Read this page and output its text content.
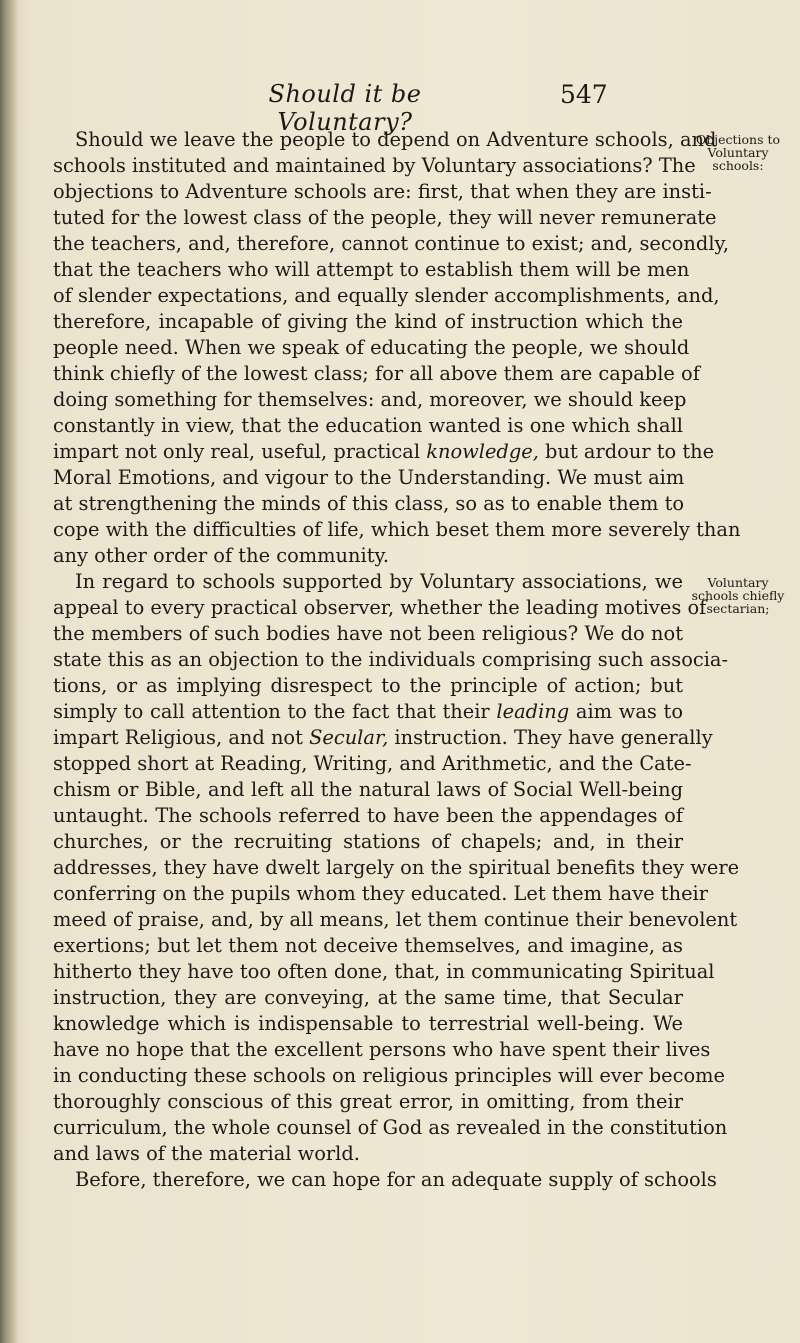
Should it be Voluntary?
547
Objections to
Voluntary
schools:
Voluntary
schools chiefly
sectarian;
Should we leave the people to depend on Adventure schools, and
schools instituted and maintained by Voluntary associations? The
objections to Adventure schools are: first, that when they are insti-
tuted for the lowest class of the people, they will never remunerate
the teachers, and, therefore, cannot continue to exist; and, secondly,
that the teachers who will attempt to establish them will be men
of slender expectations, and equally slender accomplishments, and,
therefore, incapable of giving the kind of instruction which the
people need. When we speak of educating the people, we should
think chiefly of the lowest class; for all above them are capable of
doing something for themselves: and, moreover, we should keep
constantly in view, that the education wanted is one which shall
impart not only real, useful, practical knowledge, but ardour to the
Moral Emotions, and vigour to the Understanding. We must aim
at strengthening the minds of this class, so as to enable them to
cope with the difficulties of life, which beset them more severely than
any other order of the community.
In regard to schools supported by Voluntary associations, we
appeal to every practical observer, whether the leading motives of
the members of such bodies have not been religious? We do not
state this as an objection to the individuals comprising such associa-
tions, or as implying disrespect to the principle of action; but
simply to call attention to the fact that their leading aim was to
impart Religious, and not Secular, instruction. They have generally
stopped short at Reading, Writing, and Arithmetic, and the Cate-
chism or Bible, and left all the natural laws of Social Well-being
untaught. The schools referred to have been the appendages of
churches, or the recruiting stations of chapels; and, in their
addresses, they have dwelt largely on the spiritual benefits they were
conferring on the pupils whom they educated. Let them have their
meed of praise, and, by all means, let them continue their benevolent
exertions; but let them not deceive themselves, and imagine, as
hitherto they have too often done, that, in communicating Spiritual
instruction, they are conveying, at the same time, that Secular
knowledge which is indispensable to terrestrial well-being. We
have no hope that the excellent persons who have spent their lives
in conducting these schools on religious principles will ever become
thoroughly conscious of this great error, in omitting, from their
curriculum, the whole counsel of God as revealed in the constitution
and laws of the material world.
Before, therefore, we can hope for an adequate supply of schools
